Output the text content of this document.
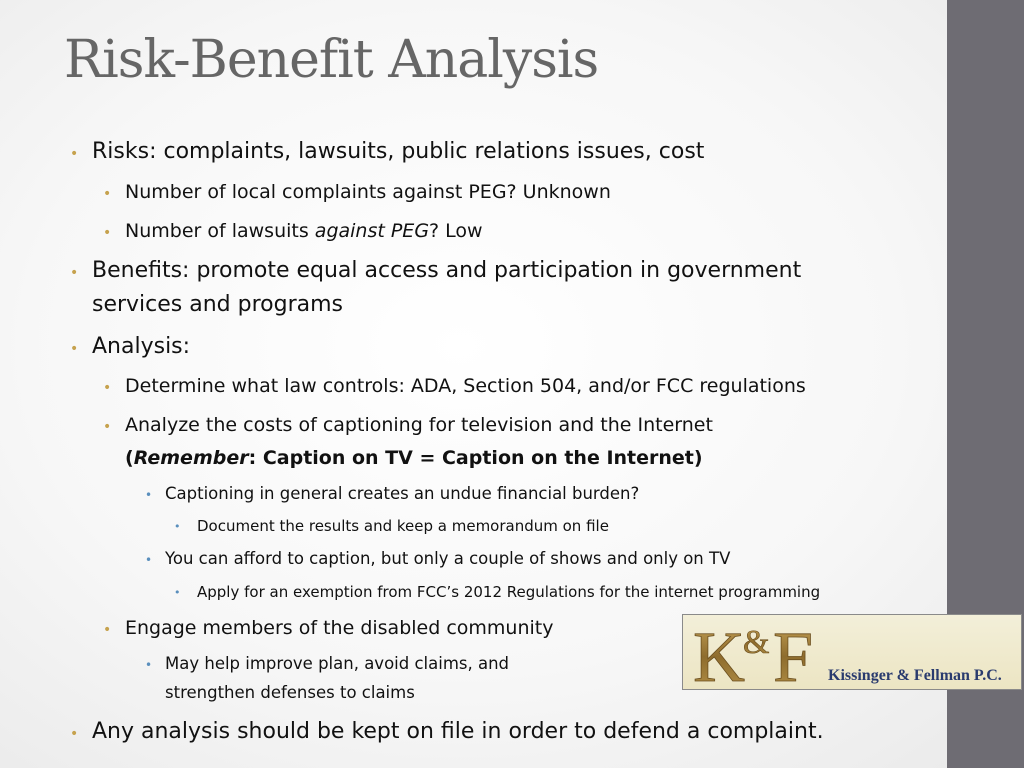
Risk-Benefit Analysis
• Risks: complaints, lawsuits, public relations issues, cost
• Number of local complaints against PEG? Unknown
• Number of lawsuits against PEG? Low
• Benefits: promote equal access and participation in government
services and programs
• Analysis:
• Determine what law controls: ADA, Section 504, and/or FCC regulations
• Analyze the costs of captioning for television and the Internet
(Remember: Caption on TV = Caption on the Internet)
• Captioning in general creates an undue financial burden?
• Document the results and keep a memorandum on file
• You can afford to caption, but only a couple of shows and only on TV
• Apply for an exemption from FCC’s 2012 Regulations for the internet programming
• Engage members of the disabled community
• May help improve plan, avoid claims, and
strengthen defenses to claims
• Any analysis should be kept on file in order to defend a complaint.
K
& F Kissinger & Fellman P.C.
